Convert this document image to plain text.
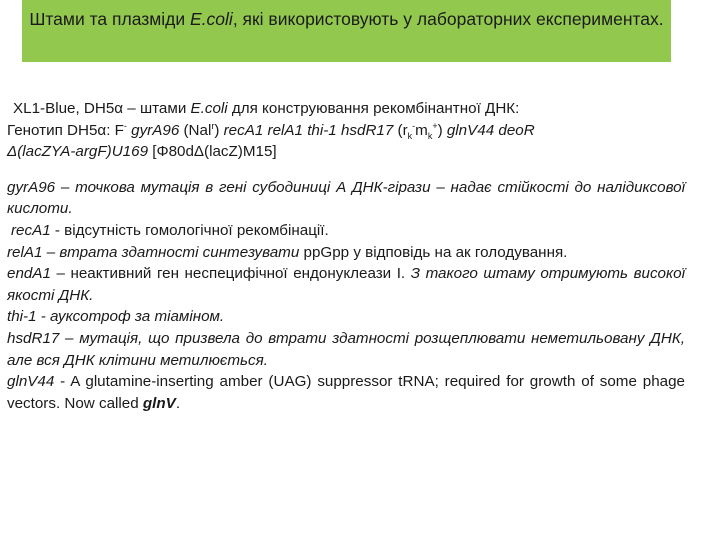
Штами та плазміди E.coli, які використовують у лабораторних експериментах.

XL1-Blue, DH5α – штами E.coli для конструювання рекомбінантної ДНК:

Генотип DH5α: F- gyrA96 (Nal$^r$) recA1 relA1 thi-1 hsdR17 $(r_k^-m_k^+)$ glnV44 deoR

Δ(lacZYA-argF)U169 [Φ80dΔ(lacZ)M15]

gyrA96 – точкова мутація в гені субодиниці А ДНК-гірази – надає стійкості до налідиксової кислоти.

recA1 - відсутність гомологічної рекомбінації.

relA1 – втрата здатності синтезувати ppGpp у відповідь на ак голодування.

endA1 – неактивний ген неспецифічної ендонуклеази I. З такого штаму отримують високої якості ДНК.

thi-1 - ауксотроф за тіаміном.

hsdR17 – мутація, що призвела до втрати здатності розщеплювати неметильовану ДНК, але вся ДНК клітини метилюється.

glnV44 - A glutamine-inserting amber (UAG) suppressor tRNA; required for growth of some phage vectors. Now called glnV.
